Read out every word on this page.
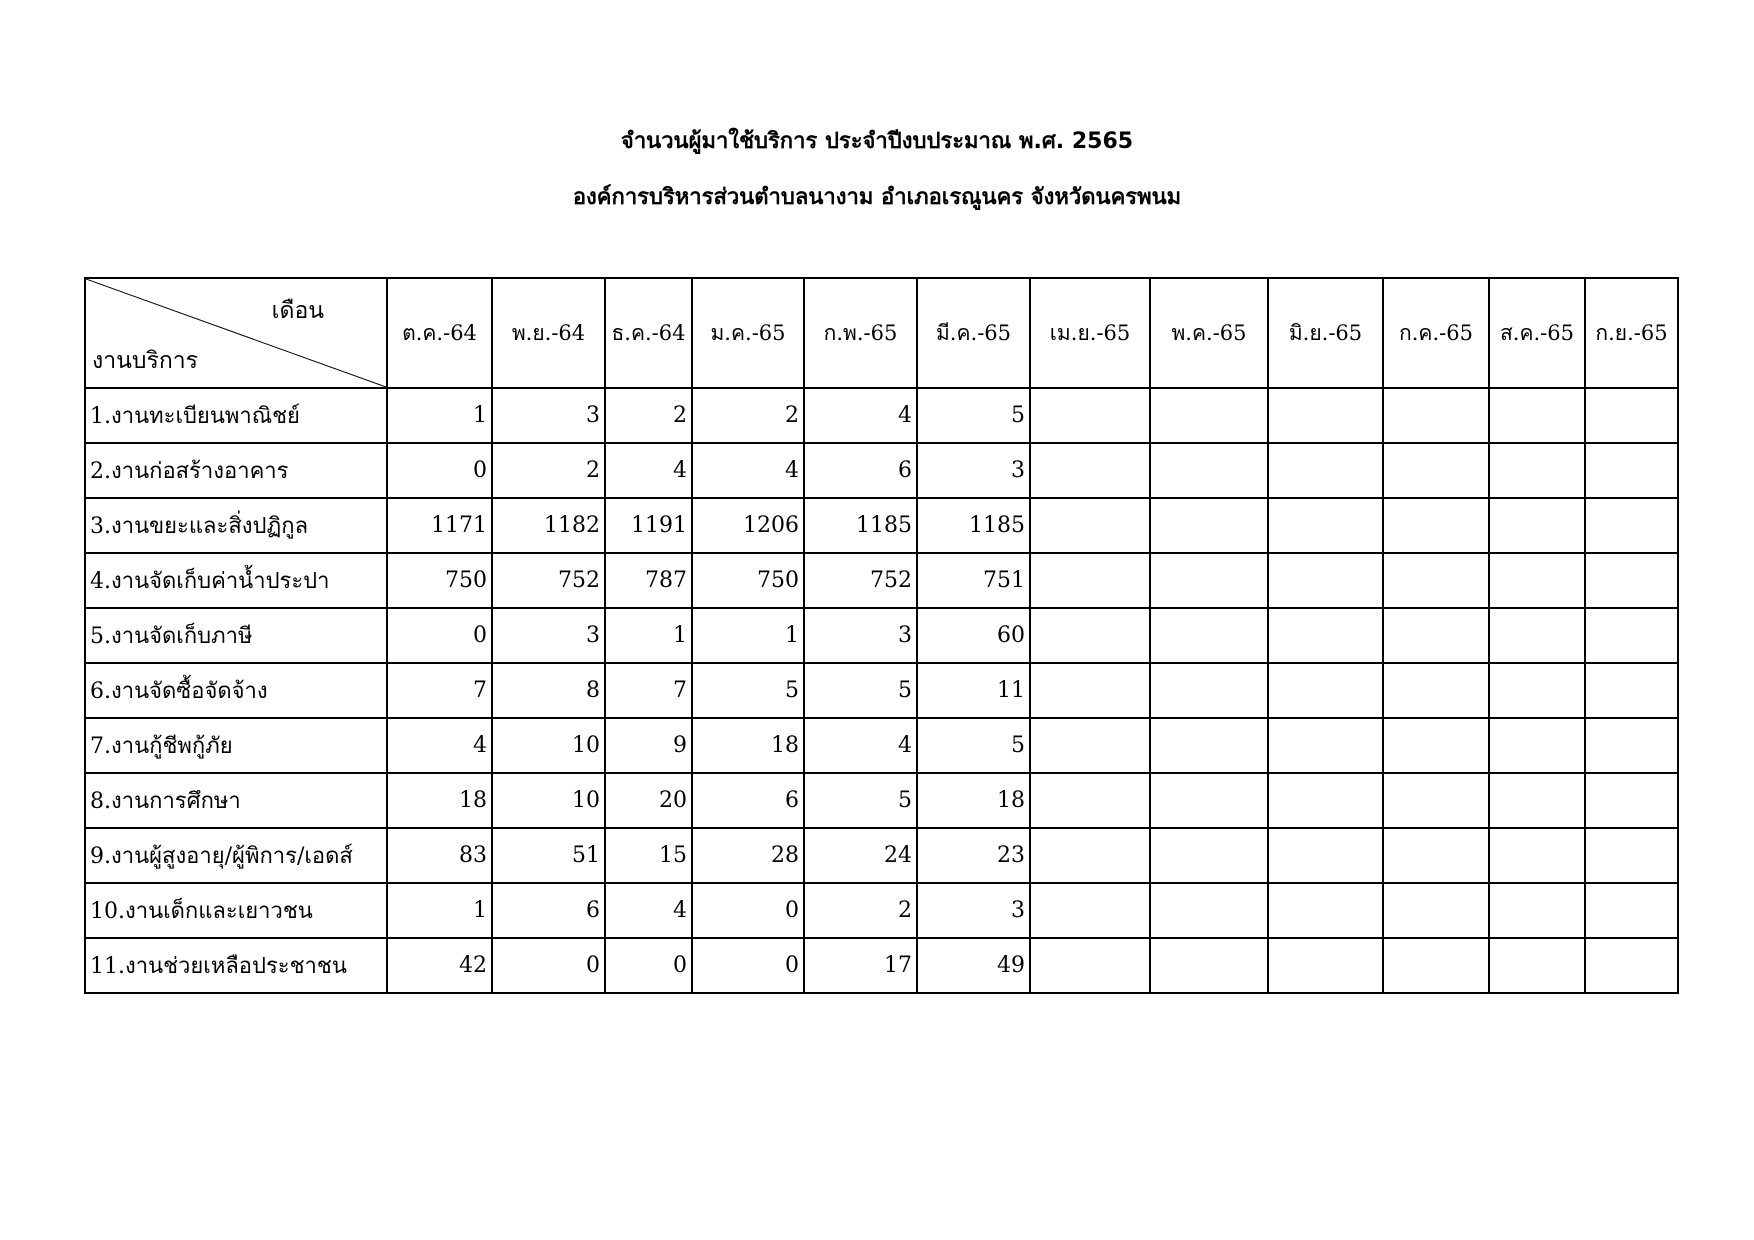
จำนวนผู้มาใช้บริการ ประจำปีงบประมาณ พ.ศ. 2565
องค์การบริหารส่วนตำบลนางาม อำเภอเรณูนคร จังหวัดนครพนม
เดือน
งานบริการ	ต.ค.-64	พ.ย.-64	ธ.ค.-64	ม.ค.-65	ก.พ.-65	มี.ค.-65	เม.ย.-65	พ.ค.-65	มิ.ย.-65	ก.ค.-65	ส.ค.-65	ก.ย.-65
1.งานทะเบียนพาณิชย์	1	3	2	2	4	5						
2.งานก่อสร้างอาคาร	0	2	4	4	6	3						
3.งานขยะและสิ่งปฏิกูล	1171	1182	1191	1206	1185	1185						
4.งานจัดเก็บค่าน้ำประปา	750	752	787	750	752	751						
5.งานจัดเก็บภาษี	0	3	1	1	3	60						
6.งานจัดซื้อจัดจ้าง	7	8	7	5	5	11						
7.งานกู้ชีพกู้ภัย	4	10	9	18	4	5						
8.งานการศึกษา	18	10	20	6	5	18						
9.งานผู้สูงอายุ/ผู้พิการ/เอดส์	83	51	15	28	24	23						
10.งานเด็กและเยาวชน	1	6	4	0	2	3						
11.งานช่วยเหลือประชาชน	42	0	0	0	17	49						
